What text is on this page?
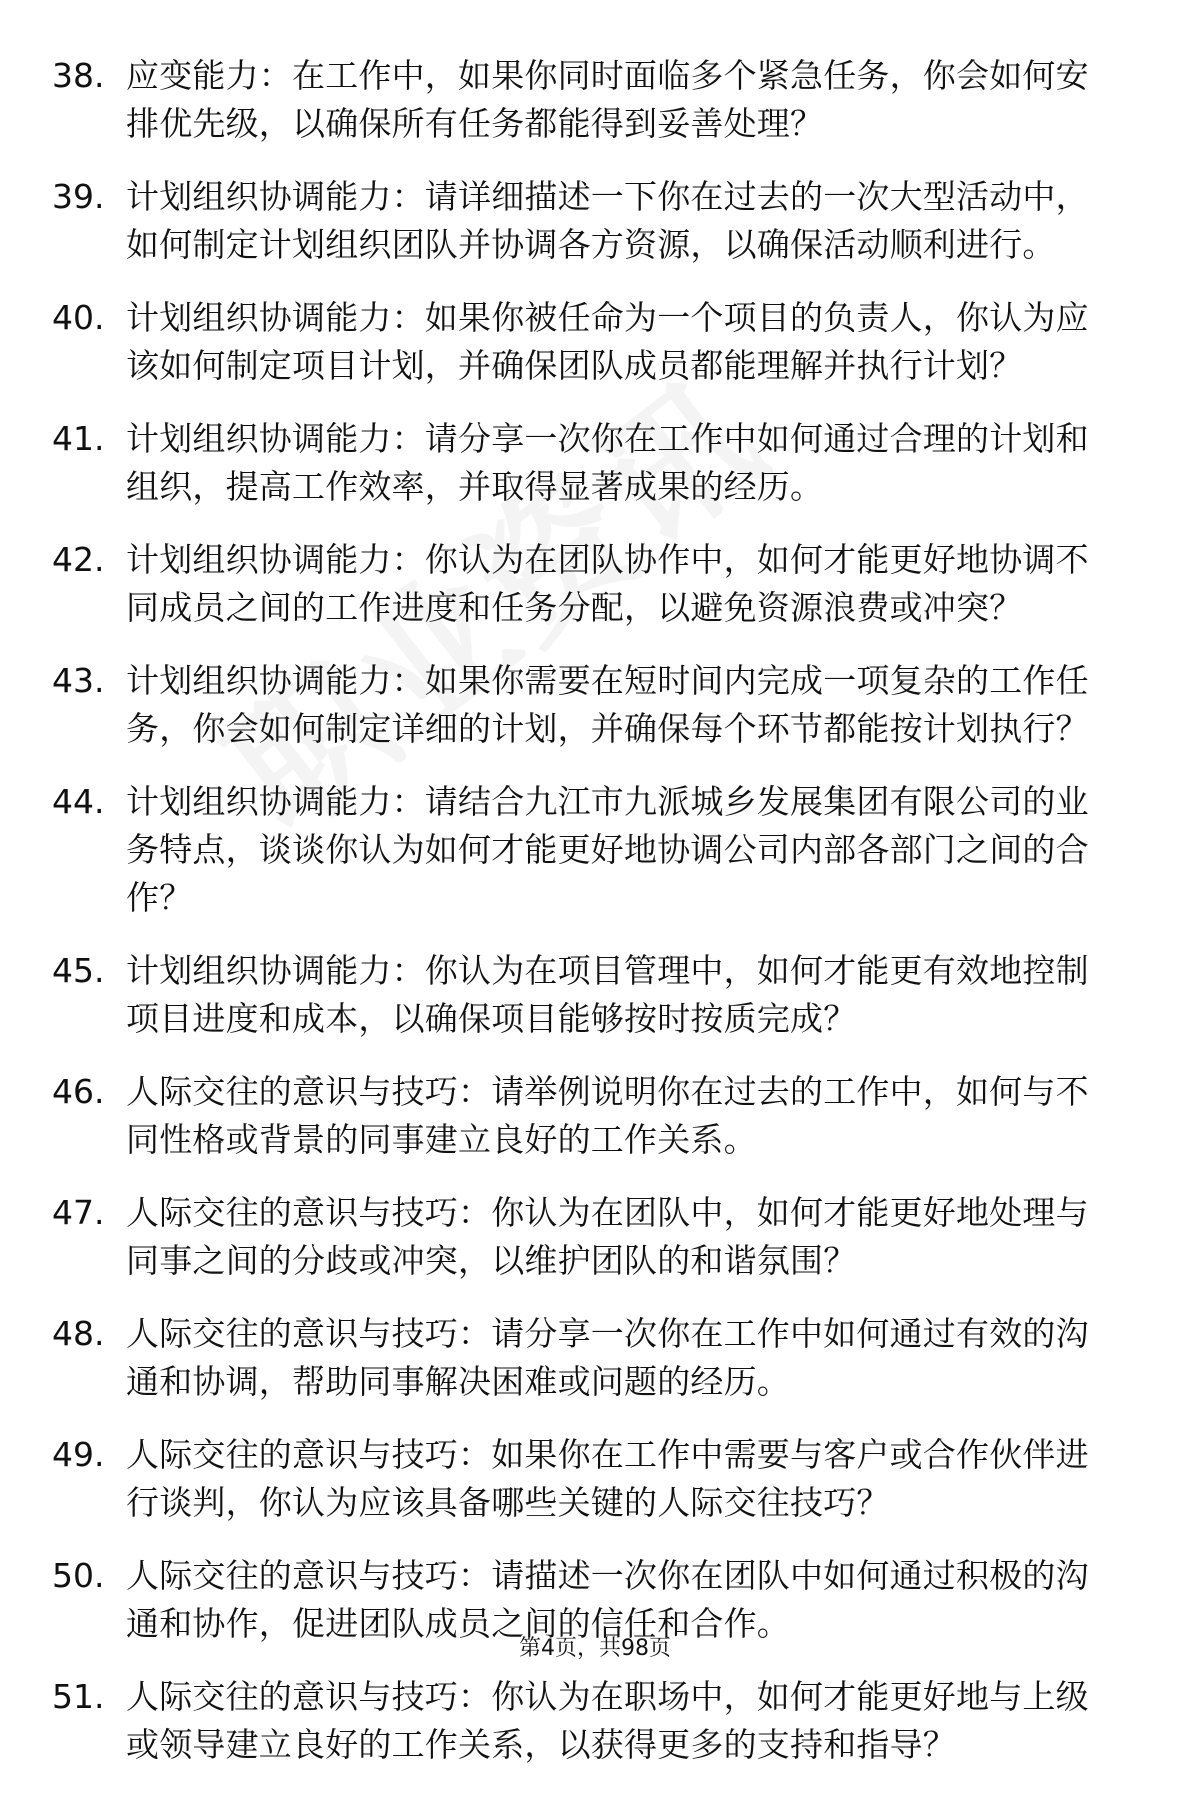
38. 应变能力：在工作中，如果你同时面临多个紧急任务，你会如何安排优先级，以确保所有任务都能得到妥善处理？
39. 计划组织协调能力：请详细描述一下你在过去的一次大型活动中，如何制定计划组织团队并协调各方资源，以确保活动顺利进行。
40. 计划组织协调能力：如果你被任命为一个项目的负责人，你认为应该如何制定项目计划，并确保团队成员都能理解并执行计划？
41. 计划组织协调能力：请分享一次你在工作中如何通过合理的计划和组织，提高工作效率，并取得显著成果的经历。
42. 计划组织协调能力：你认为在团队协作中，如何才能更好地协调不同成员之间的工作进度和任务分配，以避免资源浪费或冲突？
43. 计划组织协调能力：如果你需要在短时间内完成一项复杂的工作任务，你会如何制定详细的计划，并确保每个环节都能按计划执行？
44. 计划组织协调能力：请结合九江市九派城乡发展集团有限公司的业务特点，谈谈你认为如何才能更好地协调公司内部各部门之间的合作？
45. 计划组织协调能力：你认为在项目管理中，如何才能更有效地控制项目进度和成本，以确保项目能够按时按质完成？
46. 人际交往的意识与技巧：请举例说明你在过去的工作中，如何与不同性格或背景的同事建立良好的工作关系。
47. 人际交往的意识与技巧：你认为在团队中，如何才能更好地处理与同事之间的分歧或冲突，以维护团队的和谐氛围？
48. 人际交往的意识与技巧：请分享一次你在工作中如何通过有效的沟通和协调，帮助同事解决困难或问题的经历。
49. 人际交往的意识与技巧：如果你在工作中需要与客户或合作伙伴进行谈判，你认为应该具备哪些关键的人际交往技巧？
50. 人际交往的意识与技巧：请描述一次你在团队中如何通过积极的沟通和协作，促进团队成员之间的信任和合作。
51. 人际交往的意识与技巧：你认为在职场中，如何才能更好地与上级或领导建立良好的工作关系，以获得更多的支持和指导？
第4页，共98页
